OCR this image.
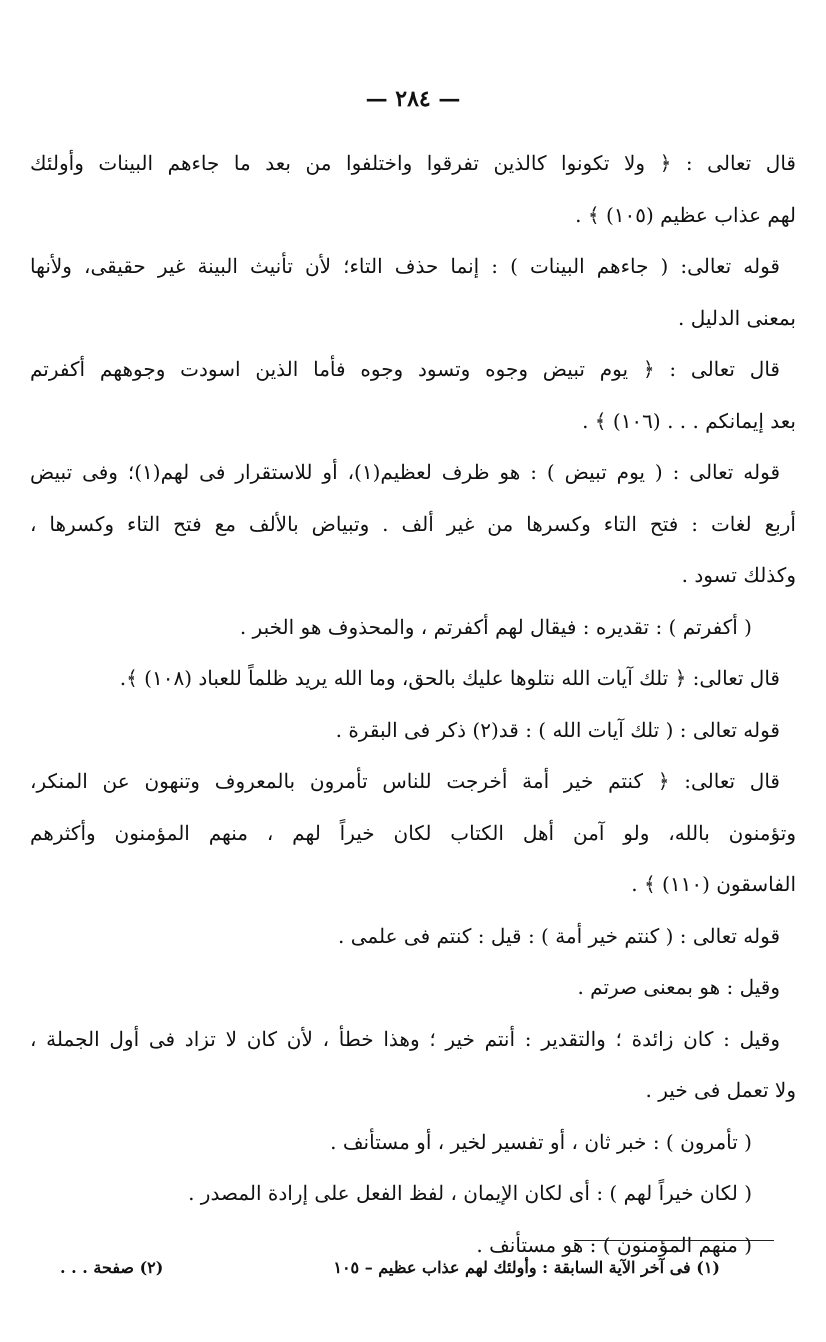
— ٢٨٤ —
قال تعالى : ﴿ ولا تكونوا كالذين تفرقوا واختلفوا من بعد ما جاءهم البينات وأولئك
لهم عذاب عظيم (١٠٥) ﴾ .
قوله تعالى: ( جاءهم البينات ) : إنما حذف التاء؛ لأن تأنيث البينة غير حقيقى، ولأنها
بمعنى الدليل .
قال تعالى : ﴿ يوم تبيض وجوه وتسود وجوه فأما الذين اسودت وجوههم أكفرتم
بعد إيمانكم . . . (١٠٦) ﴾ .
قوله تعالى : ( يوم تبيض ) : هو ظرف لعظيم(١)، أو للاستقرار فى لهم(١)؛ وفى تبيض
أربع لغات : فتح التاء وكسرها من غير ألف . وتبياض بالألف مع فتح التاء وكسرها ،
وكذلك تسود .
( أكفرتم ) : تقديره : فيقال لهم أكفرتم ، والمحذوف هو الخبر .
قال تعالى: ﴿ تلك آيات الله نتلوها عليك بالحق، وما الله يريد ظلماً للعباد (١٠٨) ﴾.
قوله تعالى : ( تلك آيات الله ) : قد(٢) ذكر فى البقرة .
قال تعالى: ﴿ كنتم خير أمة أخرجت للناس تأمرون بالمعروف وتنهون عن المنكر،
وتؤمنون بالله، ولو آمن أهل الكتاب لكان خيراً لهم ، منهم المؤمنون وأكثرهم
الفاسقون (١١٠) ﴾ .
قوله تعالى : ( كنتم خير أمة ) : قيل : كنتم فى علمى .
وقيل : هو بمعنى صرتم .
وقيل : كان زائدة ؛ والتقدير : أنتم خير ؛ وهذا خطأ ، لأن كان لا تزاد فى أول الجملة ،
ولا تعمل فى خير .
( تأمرون ) : خبر ثان ، أو تفسير لخير ، أو مستأنف .
( لكان خيراً لهم ) : أى لكان الإيمان ، لفظ الفعل على إرادة المصدر .
( منهم المؤمنون ) : هو مستأنف .
(١) فى آخر الآية السابقة : وأولئك لهم عذاب عظيم – ١٠٥
(٢) صفحة . . .
